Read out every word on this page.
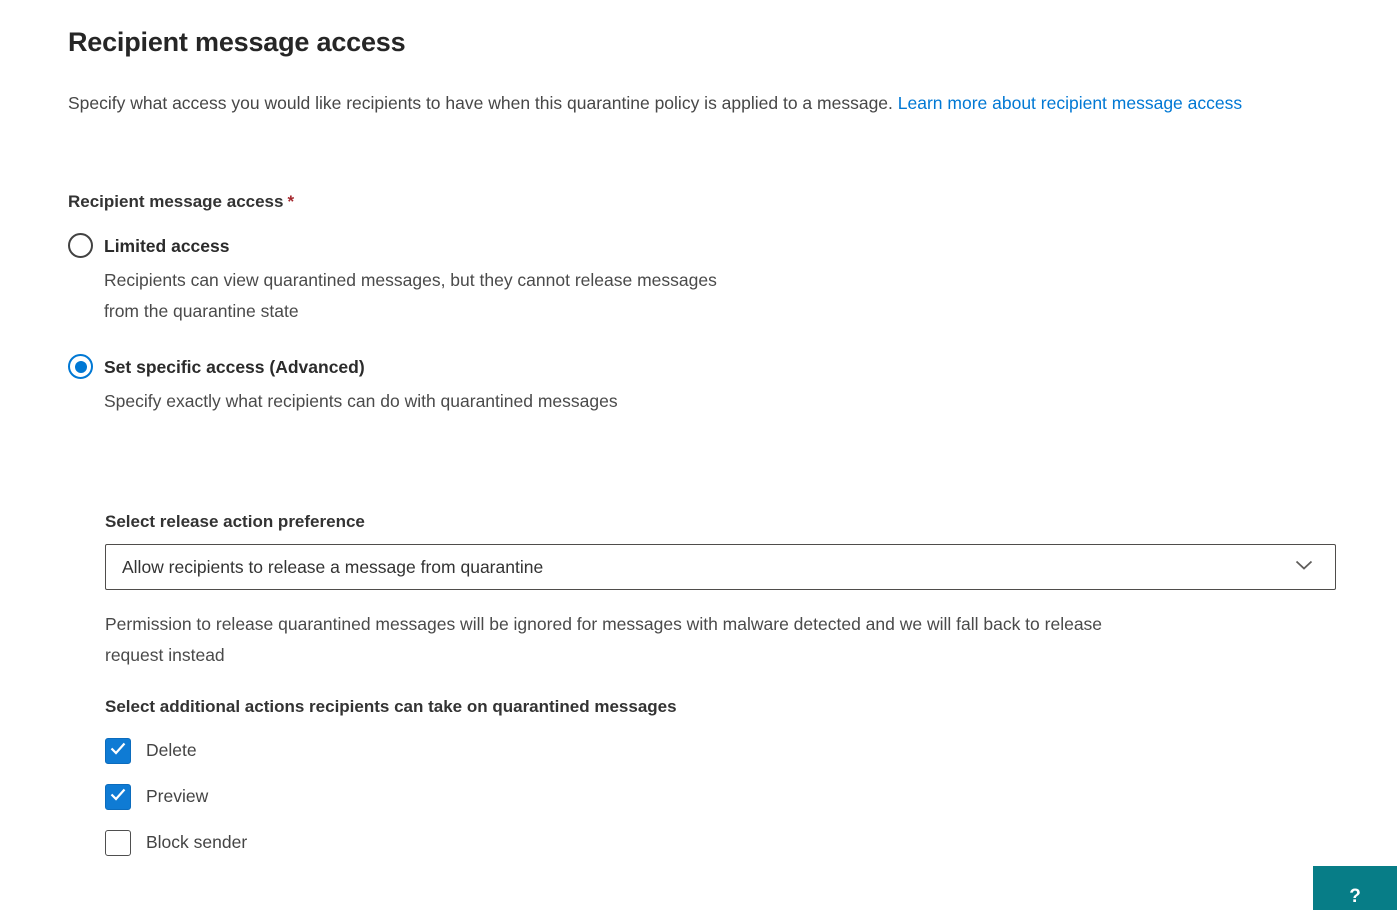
Recipient message access

Specify what access you would like recipients to have when this quarantine policy is applied to a message. Learn more about recipient message access

Recipient message access *
Limited access
Recipients can view quarantined messages, but they cannot release messages
from the quarantine state
Set specific access (Advanced)
Specify exactly what recipients can do with quarantined messages
Select release action preference
Allow recipients to release a message from quarantine
Permission to release quarantined messages will be ignored for messages with malware detected and we will fall back to release
request instead
Select additional actions recipients can take on quarantined messages
Delete
Preview
Block sender
?
